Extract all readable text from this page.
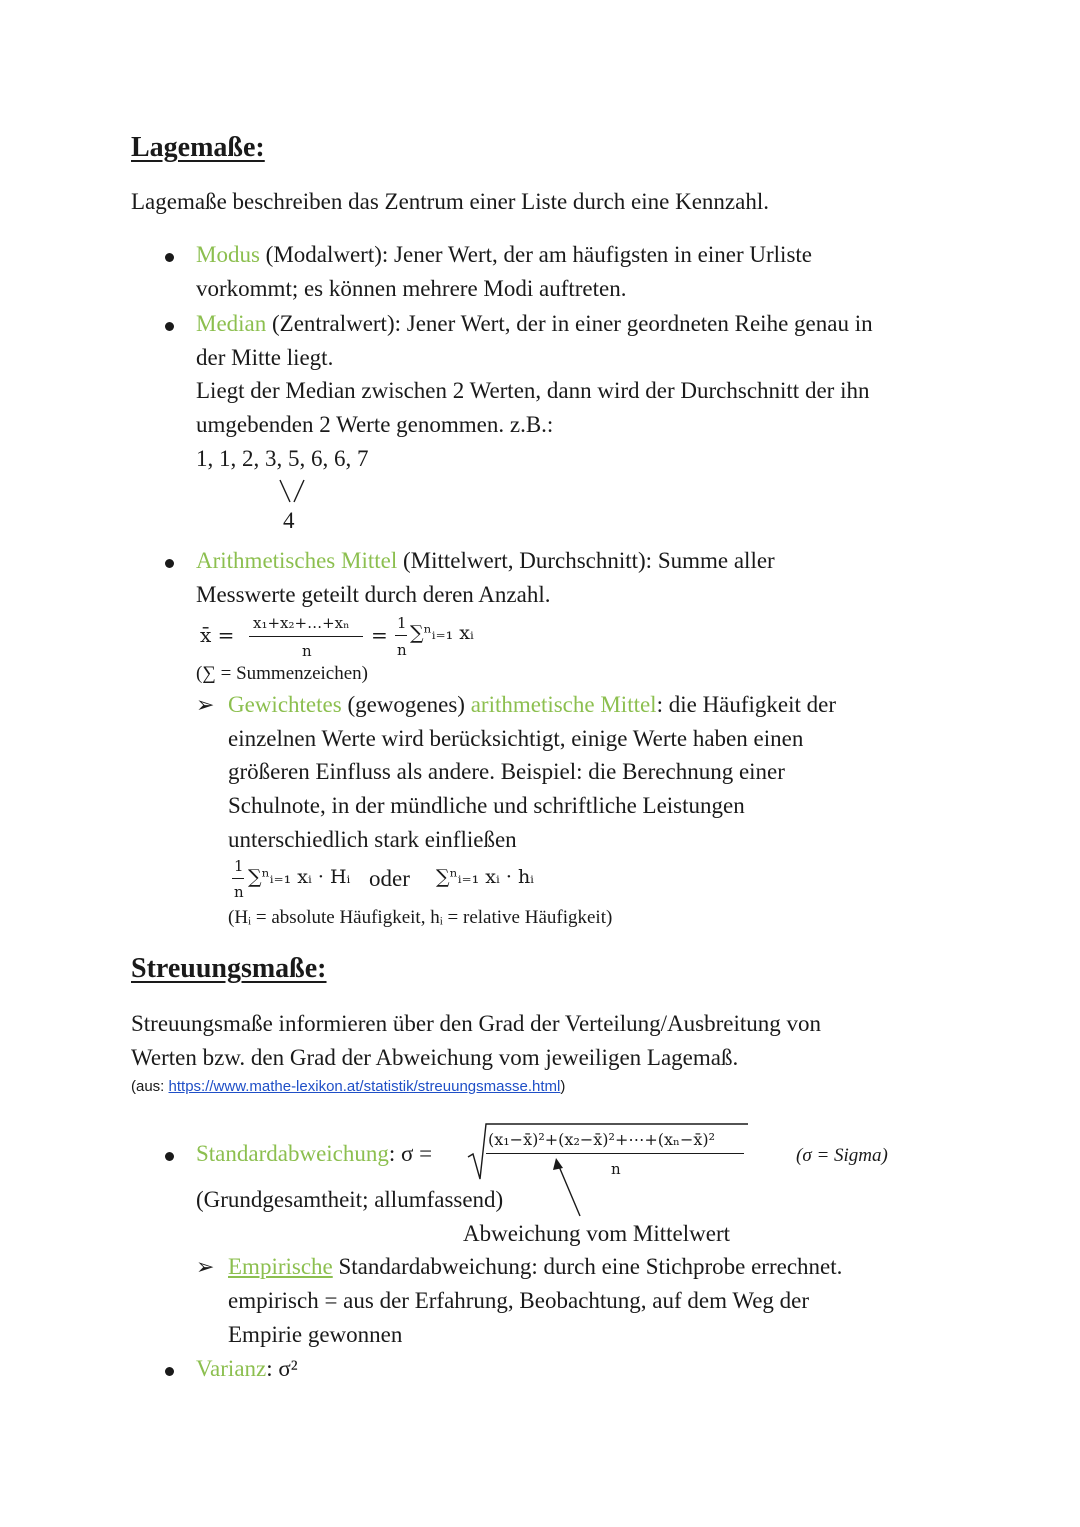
Lagemaße:
Lagemaße beschreiben das Zentrum einer Liste durch eine Kennzahl.
Modus (Modalwert): Jener Wert, der am häufigsten in einer Urliste
vorkommt; es können mehrere Modi auftreten.
Median (Zentralwert): Jener Wert, der in einer geordneten Reihe genau in
der Mitte liegt.
Liegt der Median zwischen 2 Werten, dann wird der Durchschnitt der ihn
umgebenden 2 Werte genommen. z.B.:
1, 1, 2, 3, 5, 6, 6, 7
4
Arithmetisches Mittel (Mittelwert, Durchschnitt): Summe aller
Messwerte geteilt durch deren Anzahl.
x̄ = x₁+x₂+…+xₙ
n
= 1
n
∑ⁿᵢ₌₁ xᵢ
(∑ = Summenzeichen)
➢ Gewichtetes (gewogenes) arithmetische Mittel: die Häufigkeit der
einzelnen Werte wird berücksichtigt, einige Werte haben einen
größeren Einfluss als andere. Beispiel: die Berechnung einer
Schulnote, in der mündliche und schriftliche Leistungen
unterschiedlich stark einfließen
1
n
∑ⁿᵢ₌₁ xᵢ · Hᵢ oder ∑ⁿᵢ₌₁ xᵢ · hᵢ
(Hᵢ = absolute Häufigkeit, hᵢ = relative Häufigkeit)
Streuungsmaße:
Streuungsmaße informieren über den Grad der Verteilung/Ausbreitung von
Werten bzw. den Grad der Abweichung vom jeweiligen Lagemaß.
(aus: https://www.mathe-lexikon.at/statistik/streuungsmasse.html)
Standardabweichung: σ =
(x₁−x̄)²+(x₂−x̄)²+⋯+(xₙ−x̄)²
n
(σ = Sigma)
(Grundgesamtheit; allumfassend)
Abweichung vom Mittelwert
➢ Empirische Standardabweichung: durch eine Stichprobe errechnet.
empirisch = aus der Erfahrung, Beobachtung, auf dem Weg der
Empirie gewonnen
Varianz: σ²
